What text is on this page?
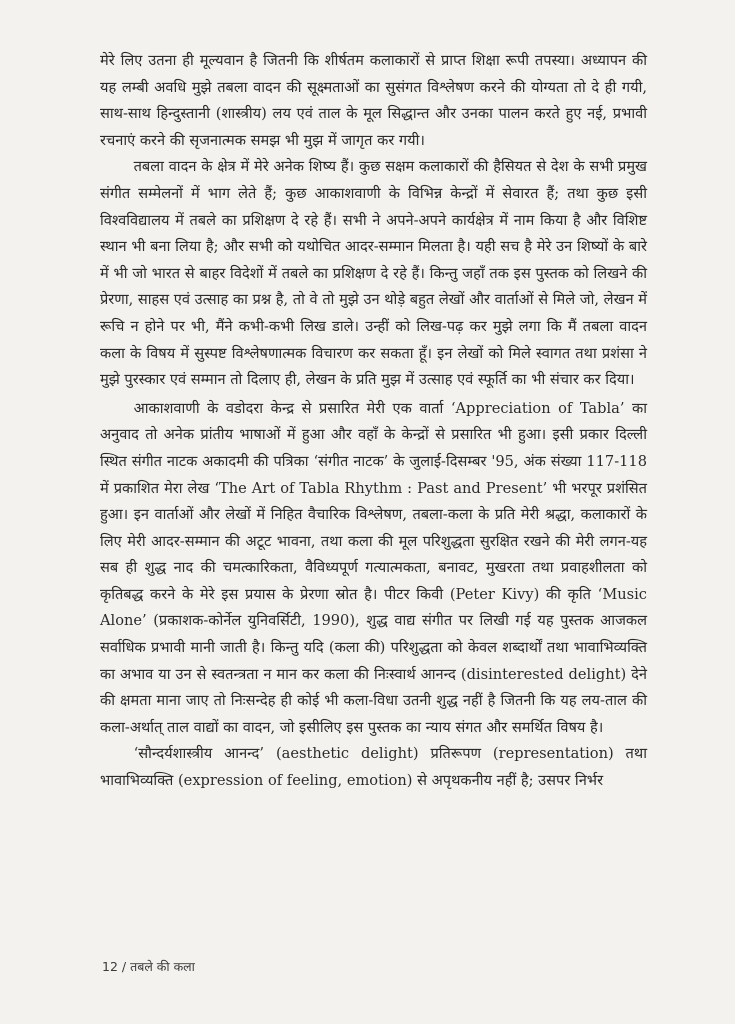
मेरे लिए उतना ही मूल्यवान है जितनी कि शीर्षतम कलाकारों से प्राप्त शिक्षा रूपी तपस्या। अध्यापन की यह लम्बी अवधि मुझे तबला वादन की सूक्ष्मताओं का सुसंगत विश्लेषण करने की योग्यता तो दे ही गयी, साथ-साथ हिन्दुस्तानी (शास्त्रीय) लय एवं ताल के मूल सिद्धान्त और उनका पालन करते हुए नई, प्रभावी रचनाएं करने की सृजनात्मक समझ भी मुझ में जागृत कर गयी।

तबला वादन के क्षेत्र में मेरे अनेक शिष्य हैं। कुछ सक्षम कलाकारों की हैसियत से देश के सभी प्रमुख संगीत सम्मेलनों में भाग लेते हैं; कुछ आकाशवाणी के विभिन्न केन्द्रों में सेवारत हैं; तथा कुछ इसी विश्वविद्यालय में तबले का प्रशिक्षण दे रहे हैं। सभी ने अपने-अपने कार्यक्षेत्र में नाम किया है और विशिष्ट स्थान भी बना लिया है; और सभी को यथोचित आदर-सम्मान मिलता है। यही सच है मेरे उन शिष्यों के बारे में भी जो भारत से बाहर विदेशों में तबले का प्रशिक्षण दे रहे हैं। किन्तु जहाँ तक इस पुस्तक को लिखने की प्रेरणा, साहस एवं उत्साह का प्रश्न है, तो वे तो मुझे उन थोड़े बहुत लेखों और वार्ताओं से मिले जो, लेखन में रूचि न होने पर भी, मैंने कभी-कभी लिख डाले। उन्हीं को लिख-पढ़ कर मुझे लगा कि मैं तबला वादन कला के विषय में सुस्पष्ट विश्लेषणात्मक विचारण कर सकता हूँ। इन लेखों को मिले स्वागत तथा प्रशंसा ने मुझे पुरस्कार एवं सम्मान तो दिलाए ही, लेखन के प्रति मुझ में उत्साह एवं स्फूर्ति का भी संचार कर दिया।

आकाशवाणी के वडोदरा केन्द्र से प्रसारित मेरी एक वार्ता ‘Appreciation of Tabla’ का अनुवाद तो अनेक प्रांतीय भाषाओं में हुआ और वहाँ के केन्द्रों से प्रसारित भी हुआ। इसी प्रकार दिल्ली स्थित संगीत नाटक अकादमी की पत्रिका ‘संगीत नाटक’ के जुलाई-दिसम्बर '95, अंक संख्या 117-118 में प्रकाशित मेरा लेख ‘The Art of Tabla Rhythm : Past and Present’ भी भरपूर प्रशंसित हुआ। इन वार्ताओं और लेखों में निहित वैचारिक विश्लेषण, तबला-कला के प्रति मेरी श्रद्धा, कलाकारों के लिए मेरी आदर-सम्मान की अटूट भावना, तथा कला की मूल परिशुद्धता सुरक्षित रखने की मेरी लगन-यह सब ही शुद्ध नाद की चमत्कारिकता, वैविध्यपूर्ण गत्यात्मकता, बनावट, मुखरता तथा प्रवाहशीलता को कृतिबद्ध करने के मेरे इस प्रयास के प्रेरणा स्रोत है। पीटर किवी (Peter Kivy) की कृति ‘Music Alone’ (प्रकाशक-कोर्नेल युनिवर्सिटी, 1990), शुद्ध वाद्य संगीत पर लिखी गई यह पुस्तक आजकल सर्वाधिक प्रभावी मानी जाती है। किन्तु यदि (कला की) परिशुद्धता को केवल शब्दार्थों तथा भावाभिव्यक्ति का अभाव या उन से स्वतन्त्रता न मान कर कला की निःस्वार्थ आनन्द (disinterested delight) देने की क्षमता माना जाए तो निःसन्देह ही कोई भी कला-विधा उतनी शुद्ध नहीं है जितनी कि यह लय-ताल की कला-अर्थात् ताल वाद्यों का वादन, जो इसीलिए इस पुस्तक का न्याय संगत और समर्थित विषय है।

‘सौन्दर्यशास्त्रीय आनन्द’ (aesthetic delight) प्रतिरूपण (representation) तथा भावाभिव्यक्ति (expression of feeling, emotion) से अपृथकनीय नहीं है; उसपर निर्भर

12 / तबले की कला
